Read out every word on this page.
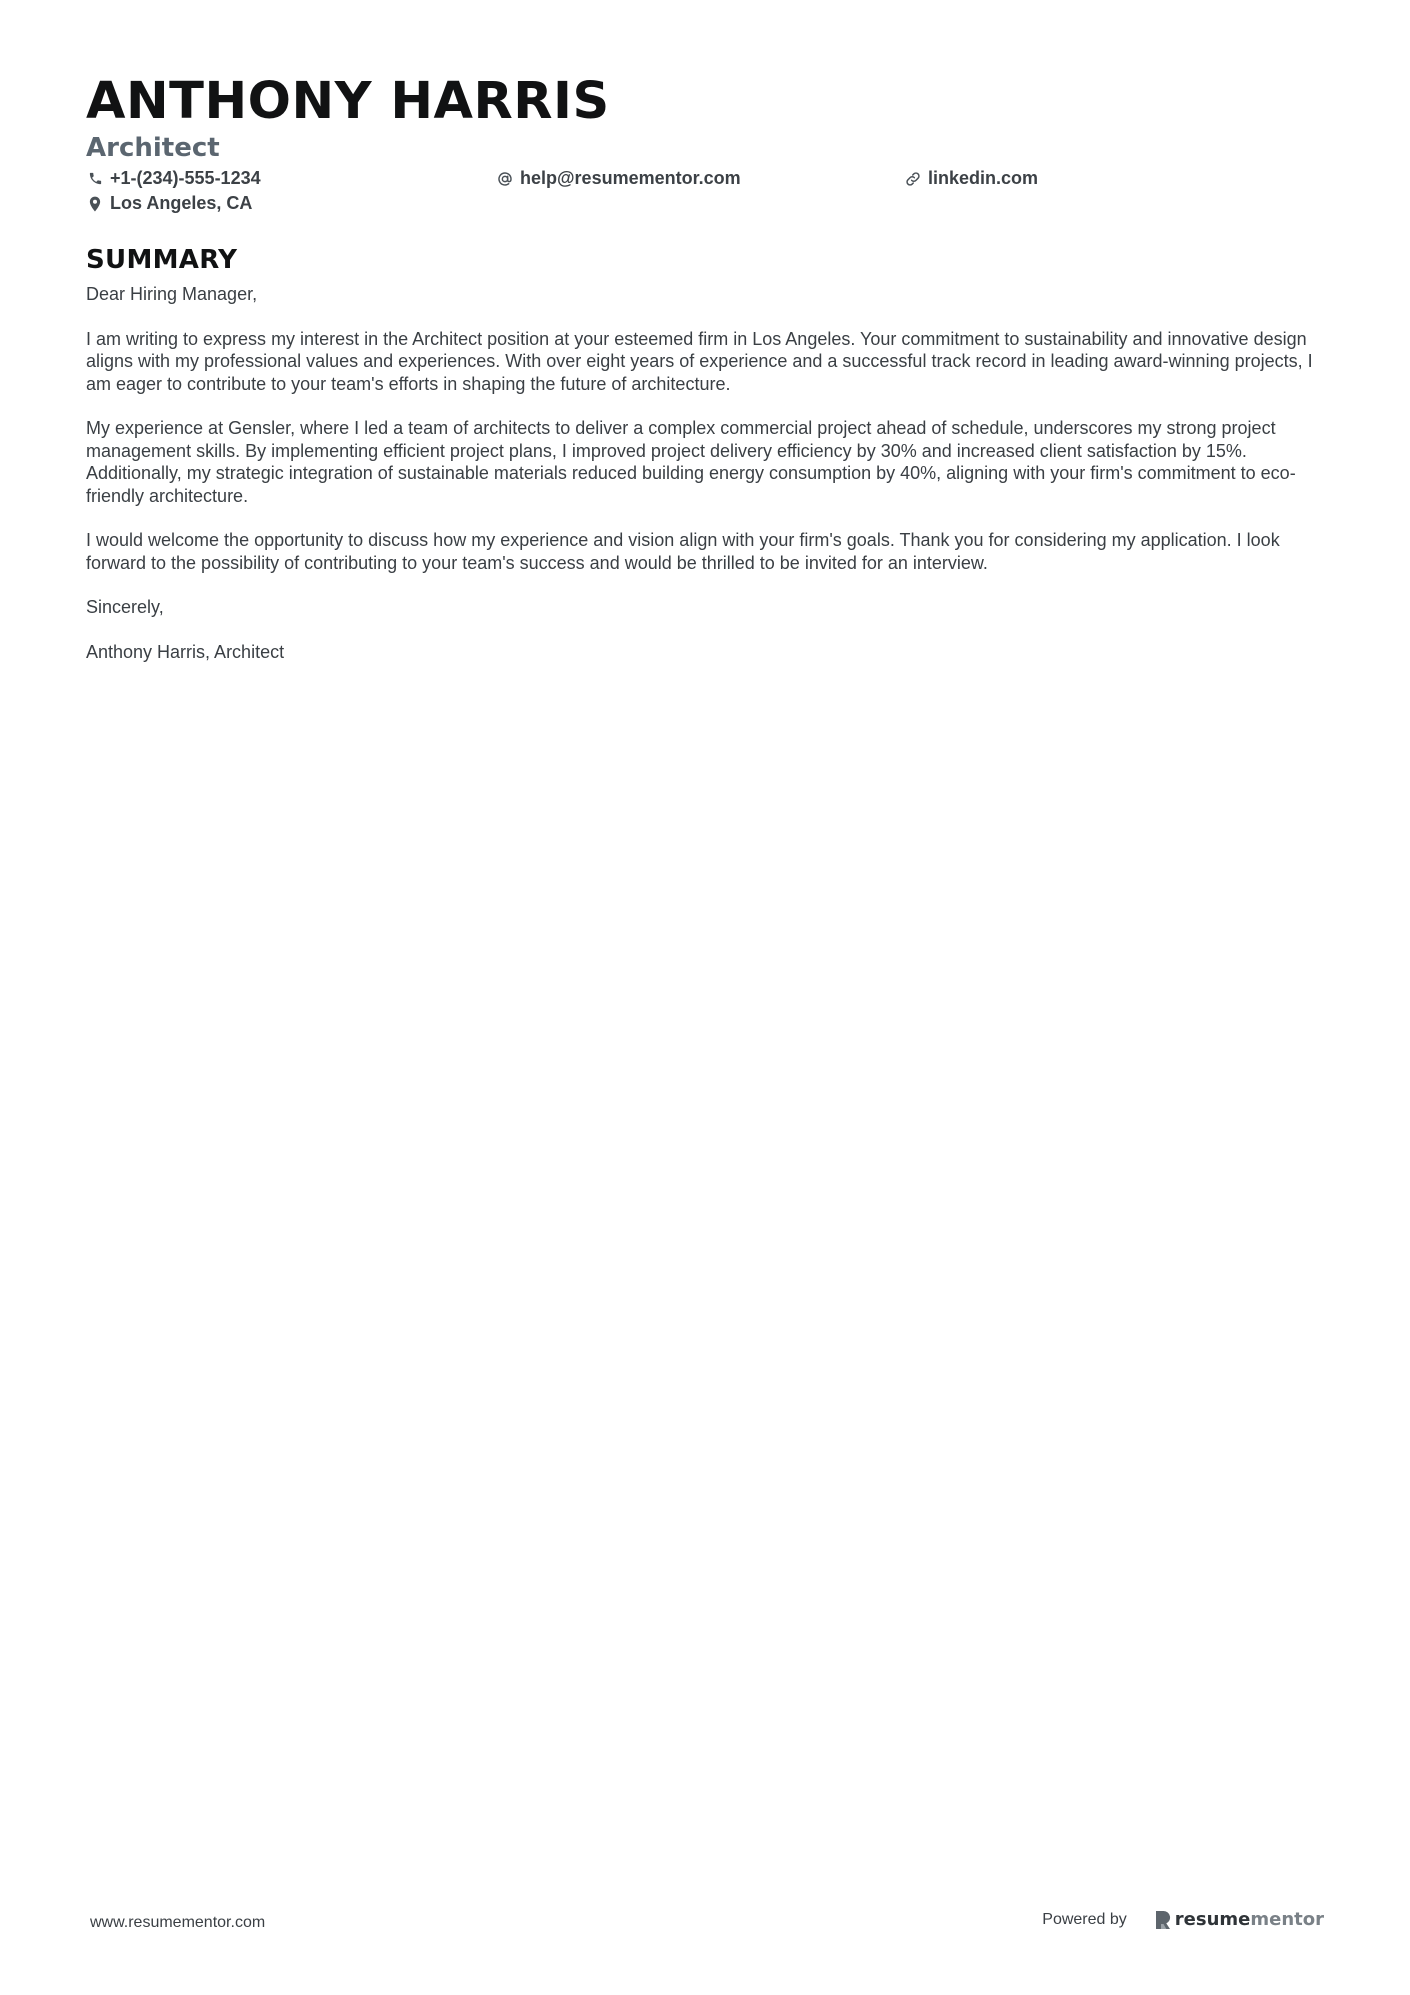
ANTHONY HARRIS
Architect
+1-(234)-555-1234	help@resumementor.com	linkedin.com
Los Angeles, CA
SUMMARY

Dear Hiring Manager,

I am writing to express my interest in the Architect position at your esteemed firm in Los Angeles. Your commitment to sustainability and innovative design aligns with my professional values and experiences. With over eight years of experience and a successful track record in leading award-winning projects, I am eager to contribute to your team's efforts in shaping the future of architecture.

My experience at Gensler, where I led a team of architects to deliver a complex commercial project ahead of schedule, underscores my strong project management skills. By implementing efficient project plans, I improved project delivery efficiency by 30% and increased client satisfaction by 15%. Additionally, my strategic integration of sustainable materials reduced building energy consumption by 40%, aligning with your firm's commitment to eco-friendly architecture.

I would welcome the opportunity to discuss how my experience and vision align with your firm's goals. Thank you for considering my application. I look forward to the possibility of contributing to your team's success and would be thrilled to be invited for an interview.

Sincerely,

Anthony Harris, Architect

www.resumementor.com	Powered by	resume mentor
